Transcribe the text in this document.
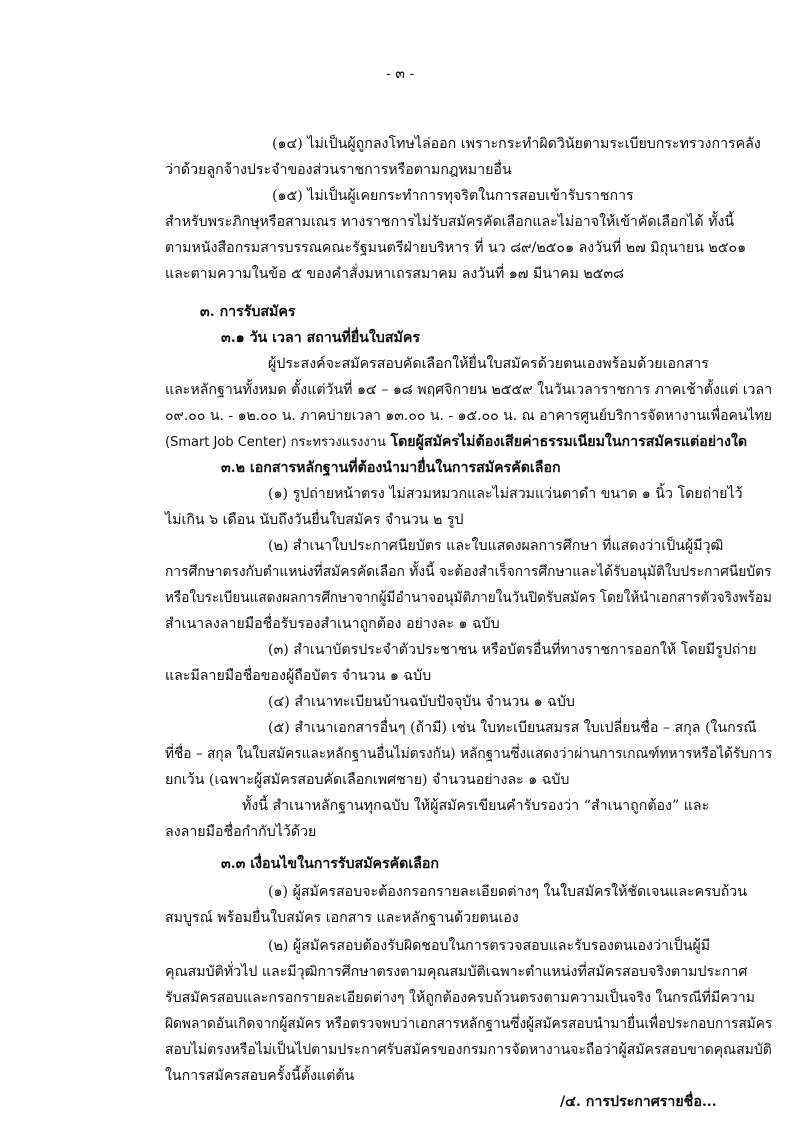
- ๓ -
(๑๔) ไม่เป็นผู้ถูกลงโทษไล่ออก เพราะกระทำผิดวินัยตามระเบียบกระทรวงการคลัง
ว่าด้วยลูกจ้างประจำของส่วนราชการหรือตามกฎหมายอื่น
(๑๕) ไม่เป็นผู้เคยกระทำการทุจริตในการสอบเข้ารับราชการ
สำหรับพระภิกษุหรือสามเณร ทางราชการไม่รับสมัครคัดเลือกและไม่อาจให้เข้าคัดเลือกได้ ทั้งนี้
ตามหนังสือกรมสารบรรณคณะรัฐมนตรีฝ่ายบริหาร ที่ นว ๘๙/๒๕๐๑ ลงวันที่ ๒๗ มิถุนายน ๒๕๐๑
และตามความในข้อ ๕ ของคำสั่งมหาเถรสมาคม ลงวันที่ ๑๗ มีนาคม ๒๕๓๘
๓. การรับสมัคร
๓.๑ วัน เวลา สถานที่ยื่นใบสมัคร
ผู้ประสงค์จะสมัครสอบคัดเลือกให้ยื่นใบสมัครด้วยตนเองพร้อมด้วยเอกสาร
และหลักฐานทั้งหมด ตั้งแต่วันที่ ๑๔ – ๑๘ พฤศจิกายน ๒๕๕๙ ในวันเวลาราชการ ภาคเช้าตั้งแต่ เวลา
๐๙.๐๐ น. - ๑๒.๐๐ น. ภาคบ่ายเวลา ๑๓.๐๐ น. - ๑๕.๐๐ น. ณ อาคารศูนย์บริการจัดหางานเพื่อคนไทย
(Smart Job Center) กระทรวงแรงงาน โดยผู้สมัครไม่ต้องเสียค่าธรรมเนียมในการสมัครแต่อย่างใด
๓.๒ เอกสารหลักฐานที่ต้องนำมายื่นในการสมัครคัดเลือก
(๑) รูปถ่ายหน้าตรง ไม่สวมหมวกและไม่สวมแว่นตาดำ ขนาด ๑ นิ้ว โดยถ่ายไว้
ไม่เกิน ๖ เดือน นับถึงวันยื่นใบสมัคร จำนวน ๒ รูป
(๒) สำเนาใบประกาศนียบัตร และใบแสดงผลการศึกษา ที่แสดงว่าเป็นผู้มีวุฒิ
การศึกษาตรงกับตำแหน่งที่สมัครคัดเลือก ทั้งนี้ จะต้องสำเร็จการศึกษาและได้รับอนุมัติใบประกาศนียบัตร
หรือใบระเบียนแสดงผลการศึกษาจากผู้มีอำนาจอนุมัติภายในวันปิดรับสมัคร โดยให้นำเอกสารตัวจริงพร้อม
สำเนาลงลายมือชื่อรับรองสำเนาถูกต้อง อย่างละ ๑ ฉบับ
(๓) สำเนาบัตรประจำตัวประชาชน หรือบัตรอื่นที่ทางราชการออกให้ โดยมีรูปถ่าย
และมีลายมือชื่อของผู้ถือบัตร จำนวน ๑ ฉบับ
(๔) สำเนาทะเบียนบ้านฉบับปัจจุบัน จำนวน ๑ ฉบับ
(๕) สำเนาเอกสารอื่นๆ (ถ้ามี) เช่น ใบทะเบียนสมรส ใบเปลี่ยนชื่อ – สกุล (ในกรณี
ที่ชื่อ – สกุล ในใบสมัครและหลักฐานอื่นไม่ตรงกัน) หลักฐานซึ่งแสดงว่าผ่านการเกณฑ์ทหารหรือได้รับการ
ยกเว้น (เฉพาะผู้สมัครสอบคัดเลือกเพศชาย) จำนวนอย่างละ ๑ ฉบับ
ทั้งนี้ สำเนาหลักฐานทุกฉบับ ให้ผู้สมัครเขียนคำรับรองว่า “สำเนาถูกต้อง” และ
ลงลายมือชื่อกำกับไว้ด้วย
๓.๓ เงื่อนไขในการรับสมัครคัดเลือก
(๑) ผู้สมัครสอบจะต้องกรอกรายละเอียดต่างๆ ในใบสมัครให้ชัดเจนและครบถ้วน
สมบูรณ์ พร้อมยื่นใบสมัคร เอกสาร และหลักฐานด้วยตนเอง
(๒) ผู้สมัครสอบต้องรับผิดชอบในการตรวจสอบและรับรองตนเองว่าเป็นผู้มี
คุณสมบัติทั่วไป และมีวุฒิการศึกษาตรงตามคุณสมบัติเฉพาะตำแหน่งที่สมัครสอบจริงตามประกาศ
รับสมัครสอบและกรอกรายละเอียดต่างๆ ให้ถูกต้องครบถ้วนตรงตามความเป็นจริง ในกรณีที่มีความ
ผิดพลาดอันเกิดจากผู้สมัคร หรือตรวจพบว่าเอกสารหลักฐานซึ่งผู้สมัครสอบนำมายื่นเพื่อประกอบการสมัคร
สอบไม่ตรงหรือไม่เป็นไปตามประกาศรับสมัครของกรมการจัดหางานจะถือว่าผู้สมัครสอบขาดคุณสมบัติ
ในการสมัครสอบครั้งนี้ตั้งแต่ต้น
/๔. การประกาศรายชื่อ...
